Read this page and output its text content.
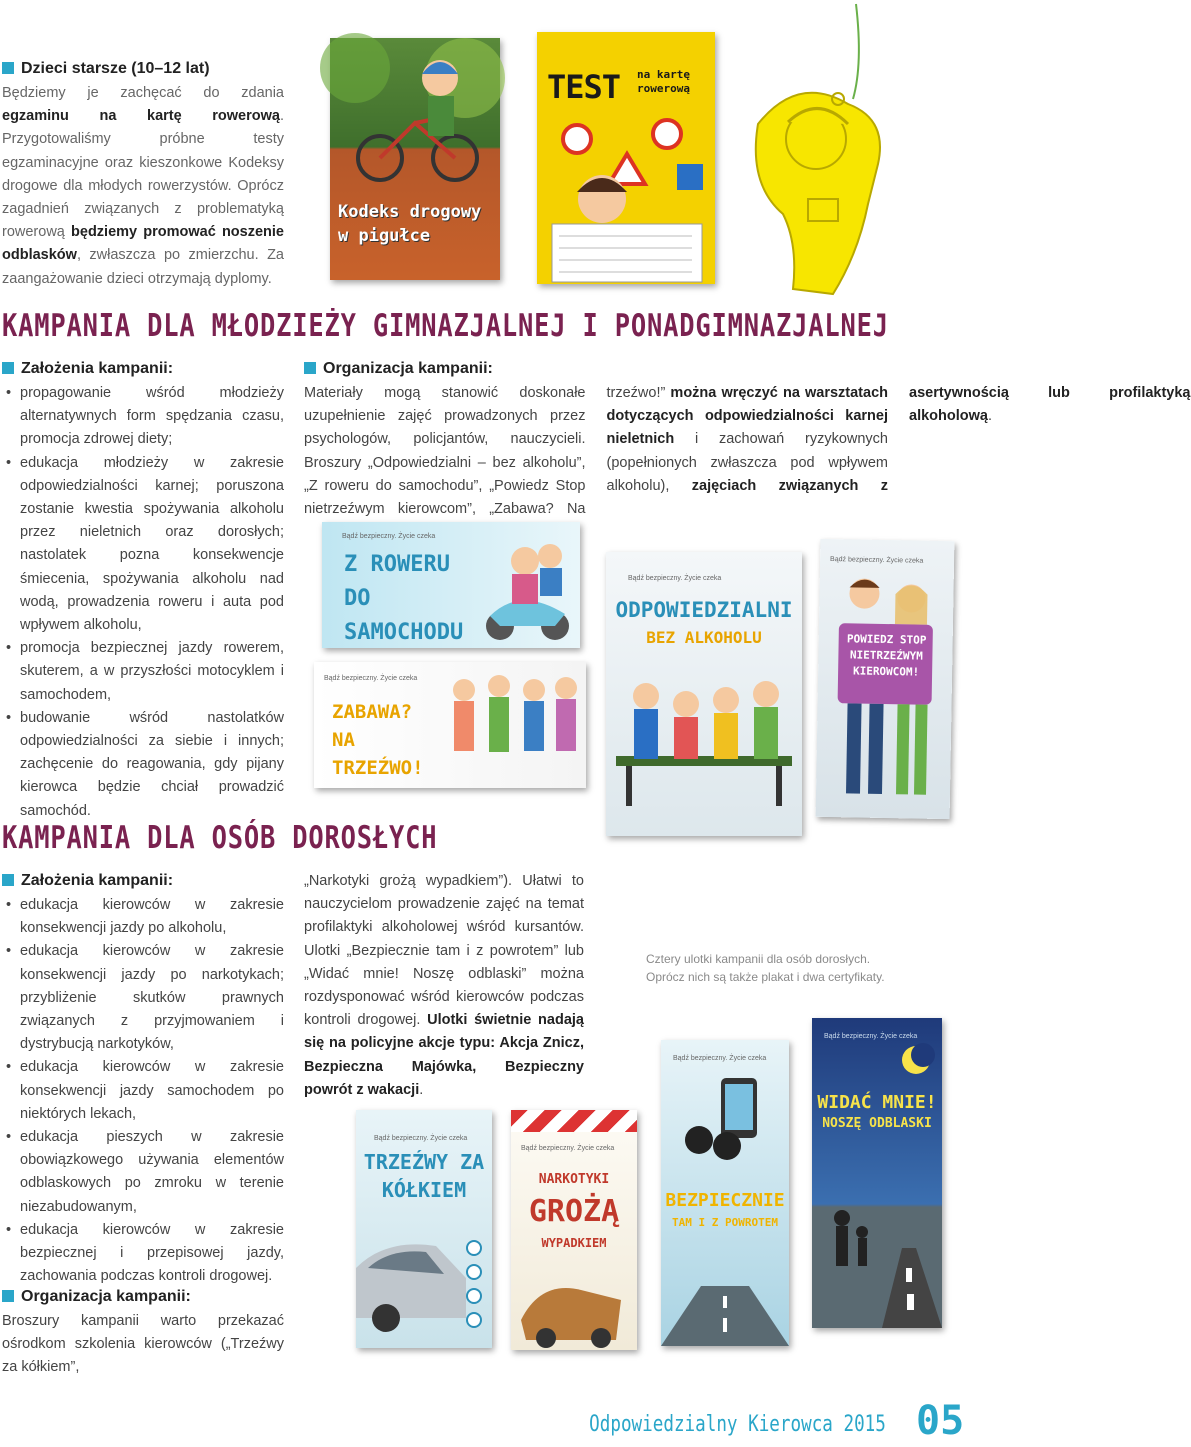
Dzieci starsze (10–12 lat)
Będziemy je zachęcać do zdania egzaminu na kartę rowerową. Przygotowaliśmy próbne testy egzaminacyjne oraz kieszonkowe Kodeksy drogowe dla młodych rowerzystów. Oprócz zagadnień związanych z problematyką rowerową będziemy promować noszenie odblasków, zwłaszcza po zmierzchu. Za zaangażowanie dzieci otrzymają dyplomy.
Kodeks drogowy w pigułce
TEST na kartę rowerową
KAMPANIA DLA MŁODZIEŻY GIMNAZJALNEJ I PONADGIMNAZJALNEJ
Założenia kampanii:
• propagowanie wśród młodzieży alternatywnych form spędzania czasu, promocja zdrowej diety;
• edukacja młodzieży w zakresie odpowiedzialności karnej; poruszona zostanie kwestia spożywania alkoholu przez nieletnich oraz dorosłych; nastolatek pozna konsekwencje śmiecenia, spożywania alkoholu nad wodą, prowadzenia roweru i auta pod wpływem alkoholu,
• promocja bezpiecznej jazdy rowerem, skuterem, a w przyszłości motocyklem i samochodem,
• budowanie wśród nastolatków odpowiedzialności za siebie i innych; zachęcenie do reagowania, gdy pijany kierowca będzie chciał prowadzić samochód.
Organizacja kampanii:
Materiały mogą stanowić doskonałe uzupełnienie zajęć prowadzonych przez psychologów, policjantów, nauczycieli. Broszury „Odpowiedzialni – bez alkoholu”, „Z roweru do samochodu”, „Powiedz Stop nietrzeźwym kierowcom”, „Zabawa? Na trzeźwo!” można wręczyć na warsztatach dotyczących odpowiedzialności karnej nieletnich i zachowań ryzykownych (popełnionych zwłaszcza pod wpływem alkoholu), zajęciach związanych z asertywnością lub profilaktyką alkoholową.
Bądź bezpieczny. Życie czeka
Z ROWERU DO SAMOCHODU
Bądź bezpieczny. Życie czeka
ZABAWA? NA TRZEŹWO!
Bądź bezpieczny. Życie czeka
ODPOWIEDZIALNI
BEZ ALKOHOLU
Bądź bezpieczny. Życie czeka
POWIEDZ STOP NIETRZEŹWYM KIEROWCOM!
KAMPANIA DLA OSÓB DOROSŁYCH
Założenia kampanii:
• edukacja kierowców w zakresie konsekwencji jazdy po alkoholu,
• edukacja kierowców w zakresie konsekwencji jazdy po narkotykach; przybliżenie skutków prawnych związanych z przyjmowaniem i dystrybucją narkotyków,
• edukacja kierowców w zakresie konsekwencji jazdy samochodem po niektórych lekach,
• edukacja pieszych w zakresie obowiązkowego używania elementów odblaskowych po zmroku w terenie niezabudowanym,
• edukacja kierowców w zakresie bezpiecznej i przepisowej jazdy, zachowania podczas kontroli drogowej.
Organizacja kampanii:
Broszury kampanii warto przekazać ośrodkom szkolenia kierowców („Trzeźwy za kółkiem”,
„Narkotyki grożą wypadkiem”). Ułatwi to nauczycielom prowadzenie zajęć na temat profilaktyki alkoholowej wśród kursantów. Ulotki „Bezpiecznie tam i z powrotem” lub „Widać mnie! Noszę odblaski” można rozdysponować wśród kierowców podczas kontroli drogowej. Ulotki świetnie nadają się na policyjne akcje typu: Akcja Znicz, Bezpieczna Majówka, Bezpieczny powrót z wakacji.
Cztery ulotki kampanii dla osób dorosłych. Oprócz nich są także plakat i dwa certyfikaty.
Bądź bezpieczny. Życie czeka
TRZEŹWY ZA KÓŁKIEM
Bądź bezpieczny. Życie czeka
NARKOTYKI
GROŻĄ
WYPADKIEM
Bądź bezpieczny. Życie czeka
BEZPIECZNIE
TAM I Z POWROTEM
Bądź bezpieczny. Życie czeka
WIDAĆ MNIE!
NOSZĘ ODBLASKI
Odpowiedzialny Kierowca 2015 05
